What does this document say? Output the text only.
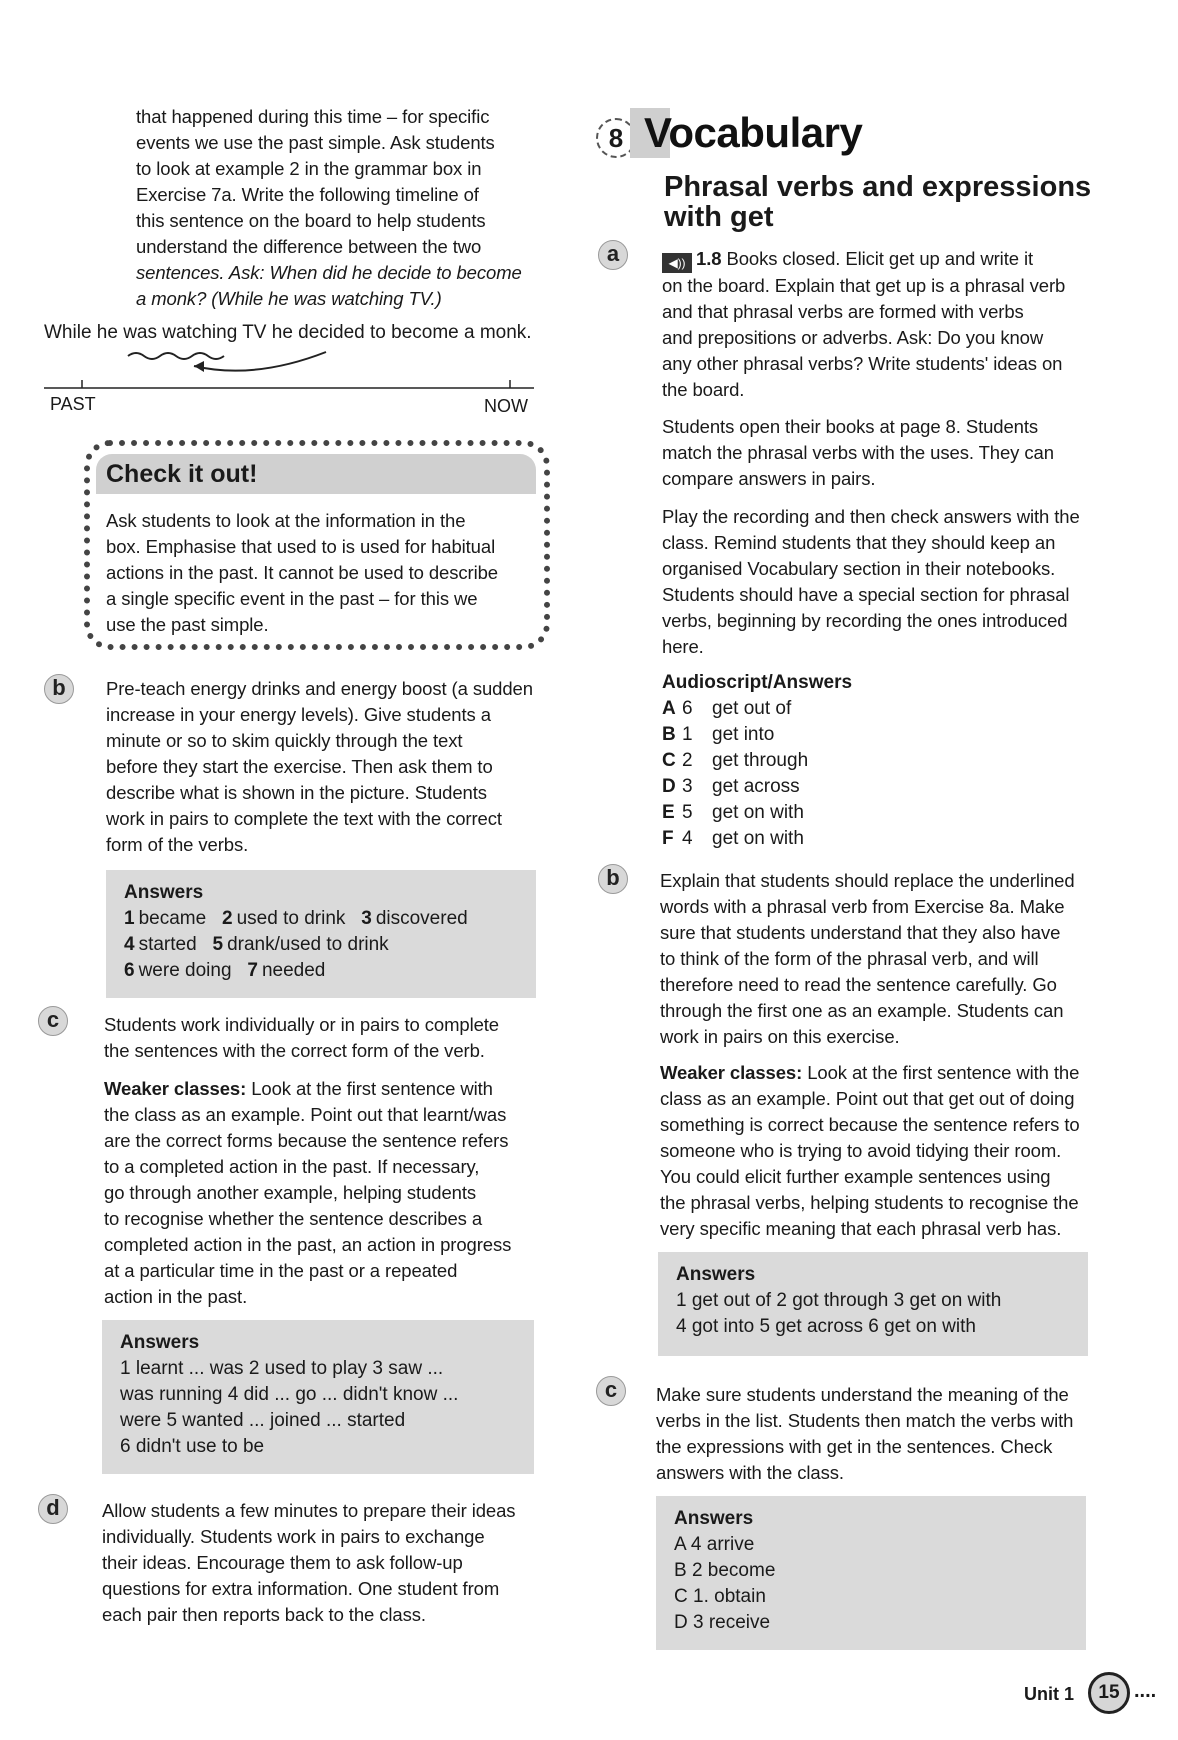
that happened during this time – for specific
events we use the past simple. Ask students
to look at example 2 in the grammar box in
Exercise 7a. Write the following timeline of
this sentence on the board to help students
understand the difference between the two
sentences. Ask: When did he decide to become
a monk? (While he was watching TV.)
While he was watching TV he decided to become a monk.
PAST	NOW
Check it out!
Ask students to look at the information in the
box. Emphasise that used to is used for habitual
actions in the past. It cannot be used to describe
a single specific event in the past – for this we
use the past simple.
b	Pre-teach energy drinks and energy boost (a sudden
increase in your energy levels). Give students a
minute or so to skim quickly through the text
before they start the exercise. Then ask them to
describe what is shown in the picture. Students
work in pairs to complete the text with the correct
form of the verbs.
Answers
1 became 2 used to drink 3 discovered
4 started 5 drank/used to drink
6 were doing 7 needed
c	Students work individually or in pairs to complete
the sentences with the correct form of the verb.
Weaker classes: Look at the first sentence with
the class as an example. Point out that learnt/was
are the correct forms because the sentence refers
to a completed action in the past. If necessary,
go through another example, helping students
to recognise whether the sentence describes a
completed action in the past, an action in progress
at a particular time in the past or a repeated
action in the past.
Answers
1 learnt ... was 2 used to play 3 saw ...
was running 4 did ... go ... didn't know ...
were 5 wanted ... joined ... started
6 didn't use to be
d	Allow students a few minutes to prepare their ideas
individually. Students work in pairs to exchange
their ideas. Encourage them to ask follow-up
questions for extra information. One student from
each pair then reports back to the class.
8 Vocabulary
Phrasal verbs and expressions
with get
a	◀)) 1.8 Books closed. Elicit get up and write it
on the board. Explain that get up is a phrasal verb
and that phrasal verbs are formed with verbs
and prepositions or adverbs. Ask: Do you know
any other phrasal verbs? Write students' ideas on
the board.
Students open their books at page 8. Students
match the phrasal verbs with the uses. They can
compare answers in pairs.
Play the recording and then check answers with the
class. Remind students that they should keep an
organised Vocabulary section in their notebooks.
Students should have a special section for phrasal
verbs, beginning by recording the ones introduced
here.
Audioscript/Answers
A 6 get out of
B 1 get into
C 2 get through
D 3 get across
E 5 get on with
F 4 get on with
b	Explain that students should replace the underlined
words with a phrasal verb from Exercise 8a. Make
sure that students understand that they also have
to think of the form of the phrasal verb, and will
therefore need to read the sentence carefully. Go
through the first one as an example. Students can
work in pairs on this exercise.
Weaker classes: Look at the first sentence with the
class as an example. Point out that get out of doing
something is correct because the sentence refers to
someone who is trying to avoid tidying their room.
You could elicit further example sentences using
the phrasal verbs, helping students to recognise the
very specific meaning that each phrasal verb has.
Answers
1 get out of 2 got through 3 get on with
4 got into 5 get across 6 get on with
c	Make sure students understand the meaning of the
verbs in the list. Students then match the verbs with
the expressions with get in the sentences. Check
answers with the class.
Answers
A 4 arrive
B 2 become
C 1. obtain
D 3 receive
Unit 1	15 ....
